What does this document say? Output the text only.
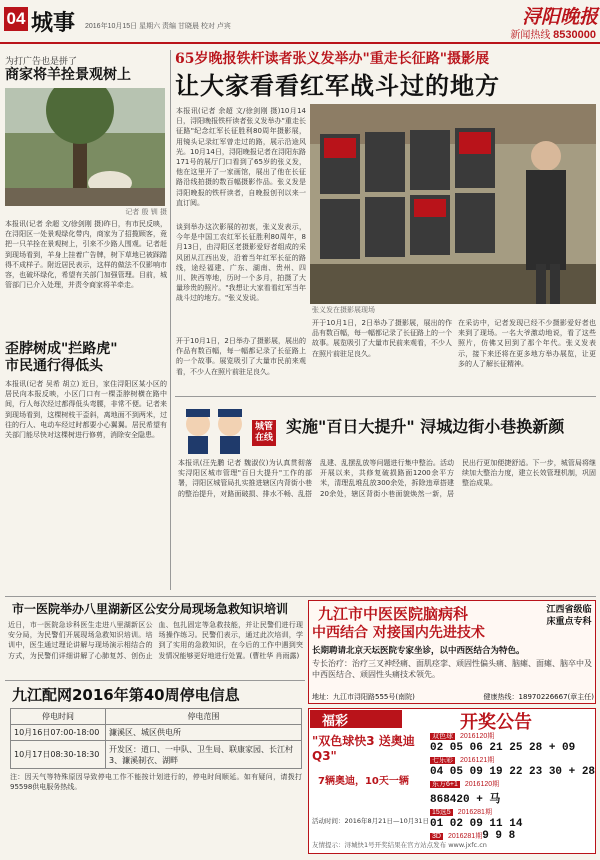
04 城事 2016年10月15日 星期六 责编 甘晓晨 校对 卢宾	浔阳晚报
新闻热线 8530000
为打广告也是拼了
商家将羊拴景观树上
记者 殷 钏 摄
本报讯(记者 余超 文/徐剑刚 摄)昨日，有市民反映，在浔阳区一处景观绿化带内，商家为了招揽顾客，竟把一只羊拴在景观树上，引来不少路人围观。记者赶到现场看到，羊身上挂着广告牌，树下草地已被踩踏得不成样子。附近居民表示，这样的做法不仅影响市容，也破坏绿化，希望有关部门加强管理。目前，城管部门已介入处理，并责令商家将羊牵走。
歪脖树成"拦路虎"
市民通行得低头
本报讯(记者 吴希 胡立) 近日，家住浔阳区某小区的居民向本报反映，小区门口有一棵歪脖树横在路中间，行人每次经过都得低头弯腰，非常不便。记者来到现场看到，这棵树枝干歪斜，离地面不到两米，过往的行人、电动车经过时都要小心翼翼。居民希望有关部门能尽快对这棵树进行修剪，消除安全隐患。
65岁晚报铁杆读者张义发举办"重走长征路"摄影展
让大家看看红军战斗过的地方
本报讯(记者 余超 文/徐剑刚 摄)10月14日，浔阳晚报铁杆读者张义发举办"重走长征路"纪念红军长征胜利80周年摄影展，用镜头记录红军曾走过的路，展示沿途风光。10月14日，浔阳晚报记者在浔阳东路171号的展厅门口看到了65岁的张义发，他在这里开了一家画馆，展出了他在长征路沿线拍摄的数百幅摄影作品。张义发是浔阳晚报的铁杆读者，自晚报创刊以来一直订阅。
谈到举办这次影展的初衷，张义发表示，今年是中国工农红军长征胜利80周年，8月13日，由浔阳区老摄影爱好者组成的采风团从江西出发，沿着当年红军长征的路线，途经福建、广东、湖南、贵州、四川、陕西等地，历时一个多月，拍摄了大量珍贵的照片。"我想让大家看看红军当年战斗过的地方。"张义发说。
开于10月1日，2日举办了摄影展，展出的作品有数百幅，每一幅都记录了长征路上的一个故事。展览吸引了大量市民前来观看，不少人在照片前驻足良久。
张义发在摄影展现场
开于10月1日，2日举办了摄影展，展出的作品有数百幅，每一幅都记录了长征路上的一个故事。展览吸引了大量市民前来观看，不少人在照片前驻足良久。
在采访中，记者发现已经不少摄影爱好者也来到了现场。一名大爷激动地说，看了这些照片，仿佛又回到了那个年代。张义发表示，接下来还将在更多地方举办展览，让更多的人了解长征精神。
城管在线
实施"百日大提升" 浔城边街小巷换新颜
本报讯(汪先鹏 记者 魏淑仪)为认真贯彻落实浔阳区城市管理"百日大提升"工作的部署，浔阳区城管局扎实推进辖区内背街小巷的整治提升，对路面破损、排水不畅、乱搭乱建、乱摆乱放等问题进行集中整治。活动开展以来，共修复破损路面1200余平方米，清理乱堆乱放300余处，拆除违章搭建20余处，辖区背街小巷面貌焕然一新，居民出行更加便捷舒适。下一步，城管局将继续加大整治力度，建立长效管理机制，巩固整治成果。
市一医院举办八里湖新区公安分局现场急救知识培训
近日，市一医院急诊科医生走进八里湖新区公安分局，为民警们开展现场急救知识培训。培训中，医生通过理论讲解与现场演示相结合的方式，为民警们详细讲解了心肺复苏、创伤止血、包扎固定等急救技能，并让民警们进行现场操作练习。民警们表示，通过此次培训，学到了实用的急救知识，在今后的工作中遇到突发情况能够更好地进行处置。(曹杜华 肖雨露)
九江配网2016年第40周停电信息
停电时间	停电范围
10月16日07:00-18:00	濂溪区、城区供电所
10月17日08:30-18:30	开发区：道口、一中队、卫生局、联康家园、长江村3、濂溪制衣、湖畔
注：因天气等特殊原因导致停电工作不能按计划进行的，停电时间顺延。如有疑问，请拨打95598供电服务热线。
九江市中医医院脑病科
中西结合 对接国内先进技术
江西省级临床重点专科
长期聘请北京天坛医院专家坐诊，以中西医结合为特色。
专长治疗：治疗三叉神经痛、面肌痉挛、顽固性偏头痛、脑瘫、面瘫、脑卒中及中西医结合、顽固性头痛技术领先。
地址：九江市浔阳路555号(南院)	健康热线：18970226667(章主任)
福彩	开奖公告
"双色球快3 送奥迪Q3"
7辆奥迪，10天一辆
活动时间：2016年8月21日—10月31日
双色球 2016120期
02 05 06 21 25 28 + 09
七乐彩 2016121期
04 05 09 19 22 23 30 + 28
东方6+1 2016120期
868420 + 马
15选5 2016281期
01 02 09 11 14
3D 2016281期9 9 8
友情提示：浔城快1号开奖结果在官方站点发布 www.jxfc.cn
